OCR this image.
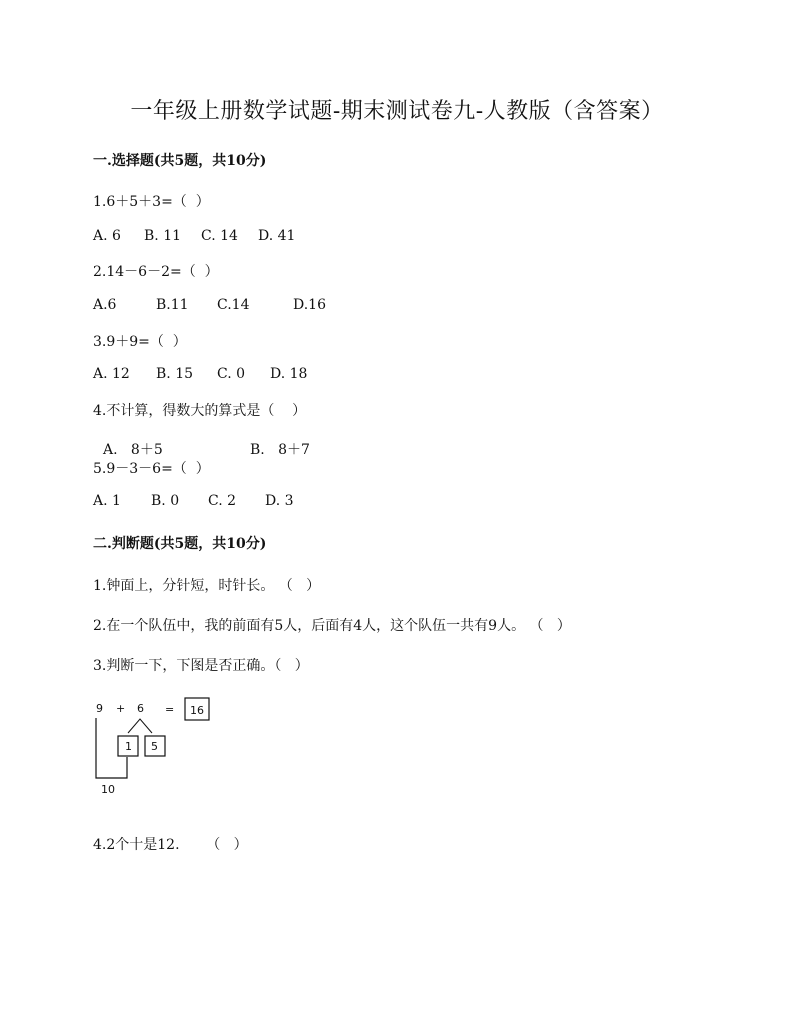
一年级上册数学试题-期末测试卷九-人教版（含答案）
一.选择题(共5题，共10分)
1.6＋5＋3=（  ）
A. 6 B. 11 C. 14 D. 41
2.14－6－2=（  ）
A.6	B.11 C.14	D.16
3.9＋9=（  ）
A. 12 B. 15 C. 0 D. 18
4.不计算，得数大的算式是（    ）
A.   8＋5	B.   8＋7
5.9－3－6=（  ）
A. 1 B. 0 C. 2 D. 3
二.判断题(共5题，共10分)
1.钟面上，分针短，时针长。 （   ）
2.在一个队伍中，我的前面有5人，后面有4人，这个队伍一共有9人。 （   ）
3.判断一下，下图是否正确。（   ）
9 + 6 = 16
1 5
10
4.2个十是12.      （   ）
